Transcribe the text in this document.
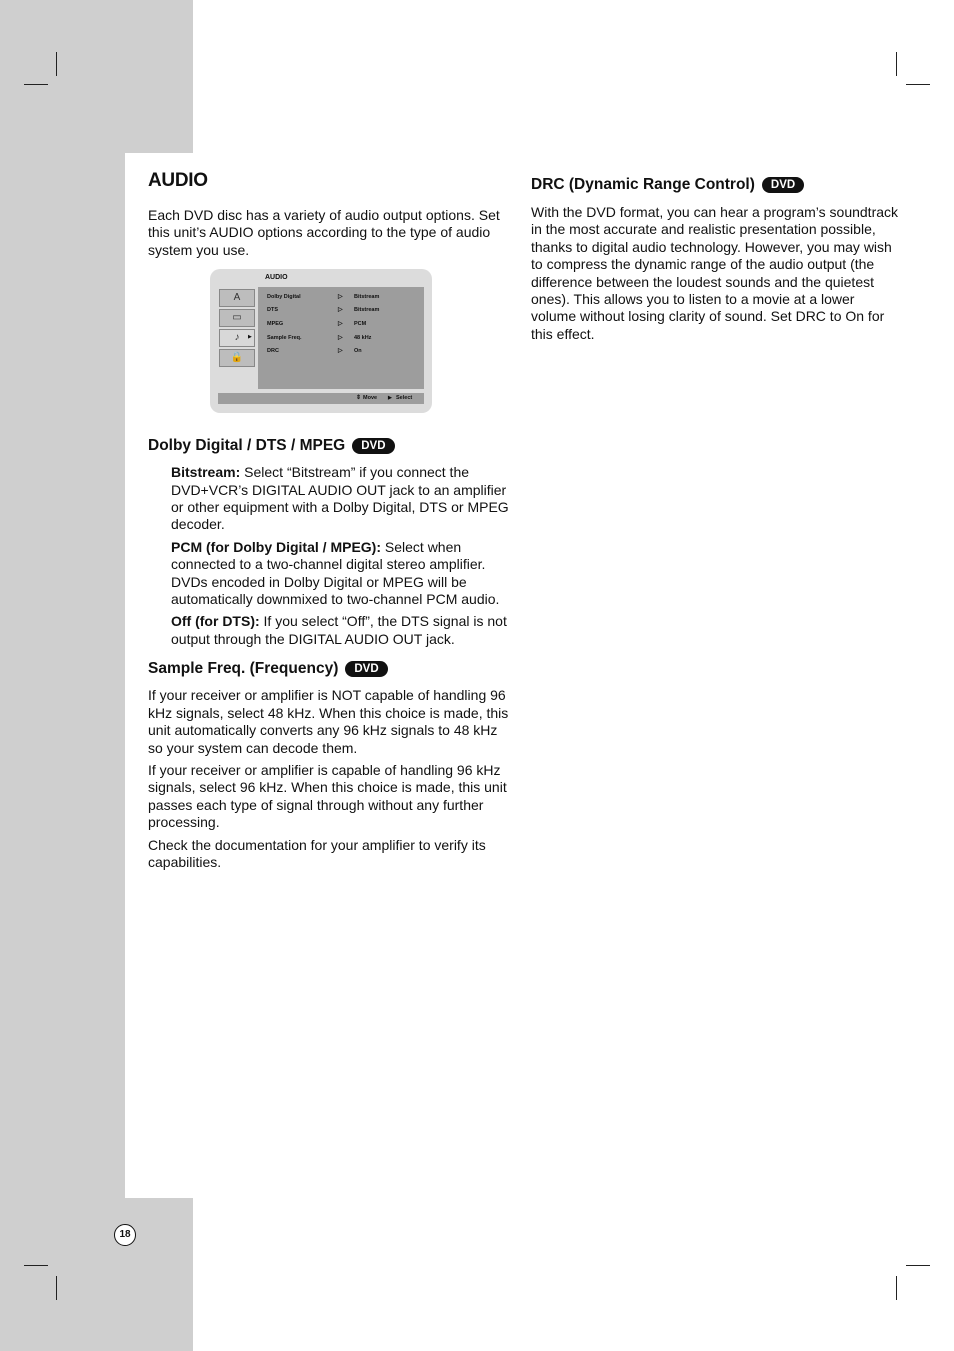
AUDIO

Each DVD disc has a variety of audio output options. Set this unit’s AUDIO options according to the type of audio system you use.

Dolby Digital / DTS / MPEG	DVD

Bitstream: Select “Bitstream” if you connect the DVD+VCR’s DIGITAL AUDIO OUT jack to an amplifier or other equipment with a Dolby Digital, DTS or MPEG decoder.

PCM (for Dolby Digital / MPEG): Select when connected to a two-channel digital stereo amplifier. DVDs encoded in Dolby Digital or MPEG will be automatically downmixed to two-channel PCM audio.

Off (for DTS): If you select “Off”, the DTS signal is not output through the DIGITAL AUDIO OUT jack.

Sample Freq. (Frequency)	DVD

If your receiver or amplifier is NOT capable of handling 96 kHz signals, select 48 kHz. When this choice is made, this unit automatically converts any 96 kHz signals to 48 kHz so your system can decode them.

If your receiver or amplifier is capable of handling 96 kHz signals, select 96 kHz. When this choice is made, this unit passes each type of signal through without any further processing.

Check the documentation for your amplifier to verify its capabilities.

AUDIO
A
▭
♪	▶
🔒
Dolby Digital	▷ Bitstream
DTS	▷ Bitstream
MPEG	▷ PCM
Sample Freq.	▷ 48 kHz
DRC	▷ On
⇕ Move ▶ Select
DRC (Dynamic Range Control)	DVD

With the DVD format, you can hear a program’s soundtrack in the most accurate and realistic presentation possible, thanks to digital audio technology. However, you may wish to compress the dynamic range of the audio output (the difference between the loudest sounds and the quietest ones). This allows you to listen to a movie at a lower volume without losing clarity of sound. Set DRC to On for this effect.

18
